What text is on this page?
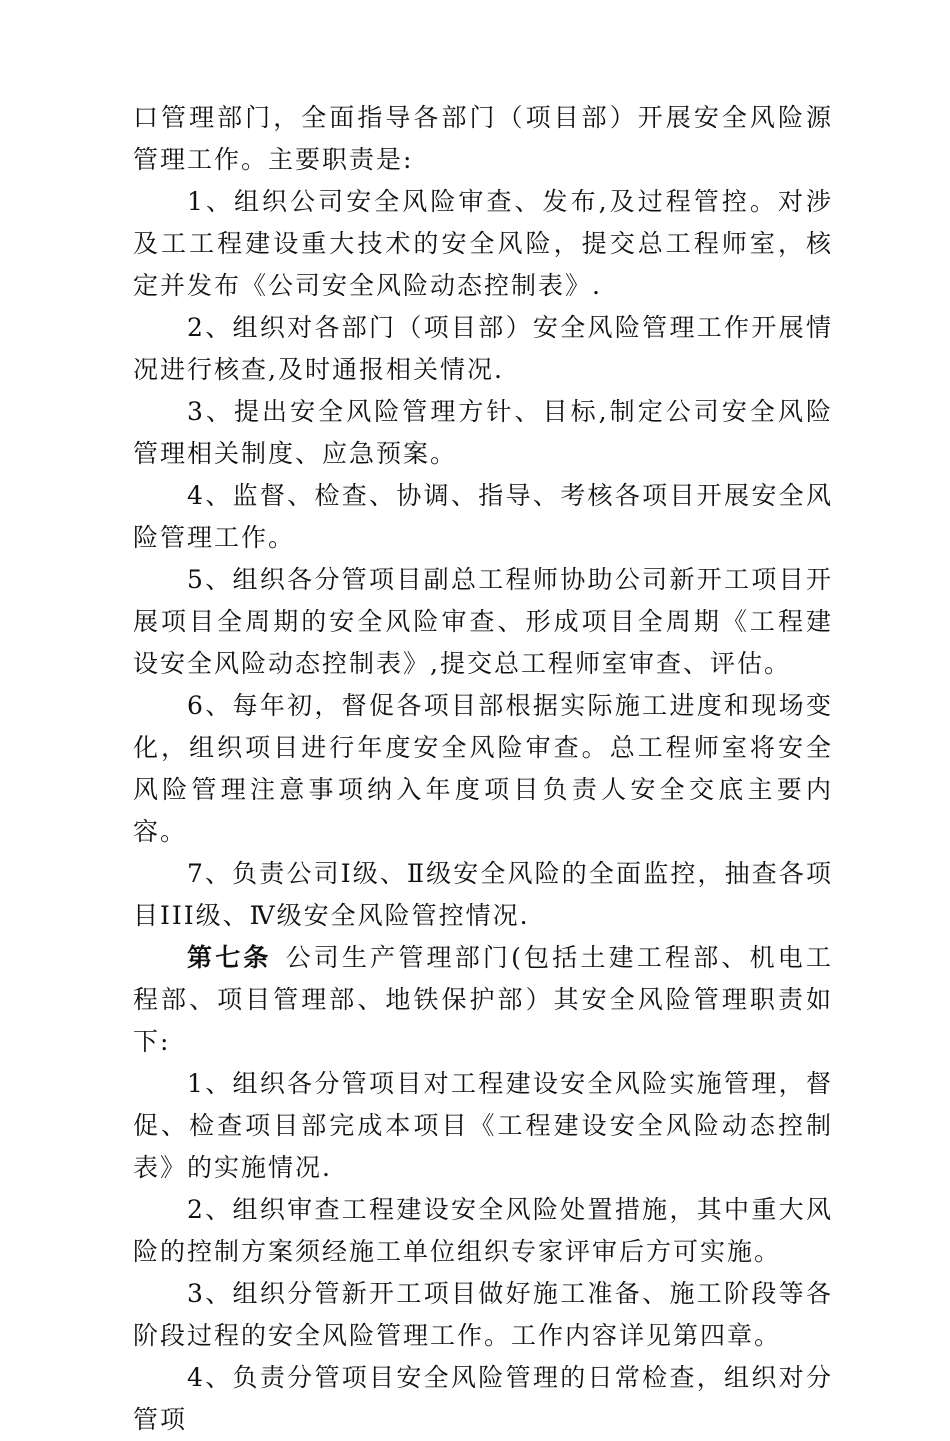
口管理部门，全面指导各部门（项目部）开展安全风险源管理工作。主要职责是:

1、组织公司安全风险审查、发布,及过程管控。对涉及工工程建设重大技术的安全风险，提交总工程师室，核定并发布《公司安全风险动态控制表》.

2、组织对各部门（项目部）安全风险管理工作开展情况进行核查,及时通报相关情况.

3、提出安全风险管理方针、目标,制定公司安全风险管理相关制度、应急预案。

4、监督、检查、协调、指导、考核各项目开展安全风险管理工作。

5、组织各分管项目副总工程师协助公司新开工项目开展项目全周期的安全风险审查、形成项目全周期《工程建设安全风险动态控制表》,提交总工程师室审查、评估。

6、每年初，督促各项目部根据实际施工进度和现场变化，组织项目进行年度安全风险审查。总工程师室将安全风险管理注意事项纳入年度项目负责人安全交底主要内容。

7、负责公司Ⅰ级、Ⅱ级安全风险的全面监控，抽查各项目III级、Ⅳ级安全风险管控情况.

第七条 公司生产管理部门(包括土建工程部、机电工程部、项目管理部、地铁保护部）其安全风险管理职责如下:

1、组织各分管项目对工程建设安全风险实施管理，督促、检查项目部完成本项目《工程建设安全风险动态控制表》的实施情况.

2、组织审查工程建设安全风险处置措施，其中重大风险的控制方案须经施工单位组织专家评审后方可实施。

3、组织分管新开工项目做好施工准备、施工阶段等各阶段过程的安全风险管理工作。工作内容详见第四章。

4、负责分管项目安全风险管理的日常检查，组织对分管项
